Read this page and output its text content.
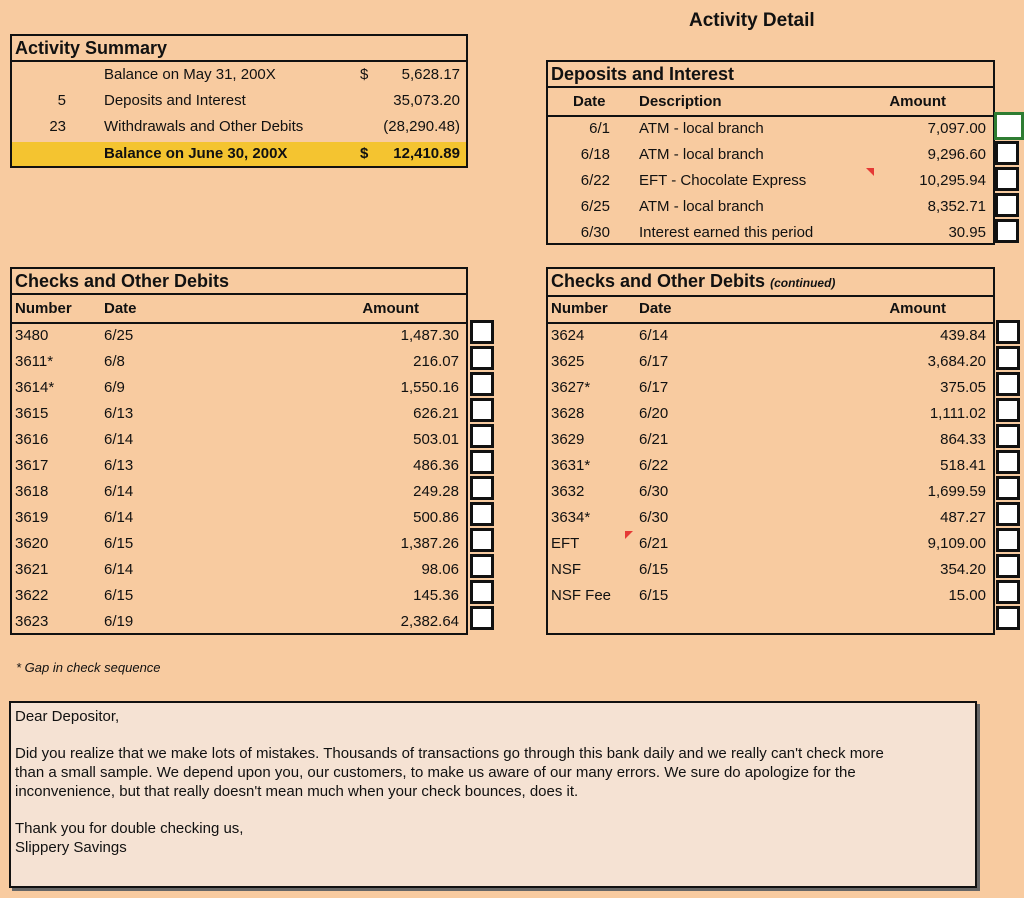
Activity Detail
Activity Summary
Balance on May 31, 200X	$ 5,628.17
5	Deposits and Interest	35,073.20
23	Withdrawals and Other Debits	(28,290.48)
Balance on June 30, 200X	$ 12,410.89
Deposits and Interest
Date Description	Amount
6/1 ATM - local branch	7,097.00
6/18 ATM - local branch	9,296.60
6/22 EFT - Chocolate Express	10,295.94
6/25 ATM - local branch	8,352.71
6/30 Interest earned this period	30.95
Checks and Other Debits
Number Date	Amount
3480	6/25	1,487.30
3611*	6/8	216.07
3614*	6/9	1,550.16
3615	6/13	626.21
3616	6/14	503.01
3617	6/13	486.36
3618	6/14	249.28
3619	6/14	500.86
3620	6/15	1,387.26
3621	6/14	98.06
3622	6/15	145.36
3623	6/19	2,382.64
Checks and Other Debits (continued)
Number Date	Amount
3624	6/14	439.84
3625	6/17	3,684.20
3627*	6/17	375.05
3628	6/20	1,111.02
3629	6/21	864.33
3631*	6/22	518.41
3632	6/30	1,699.59
3634*	6/30	487.27
EFT	6/21	9,109.00
NSF	6/15	354.20
NSF Fee 6/15	15.00
* Gap in check sequence
Dear Depositor,
Did you realize that we make lots of mistakes. Thousands of transactions go through this bank daily and we really can't check more
than a small sample. We depend upon you, our customers, to make us aware of our many errors. We sure do apologize for the
inconvenience, but that really doesn't mean much when your check bounces, does it.
Thank you for double checking us,
Slippery Savings
